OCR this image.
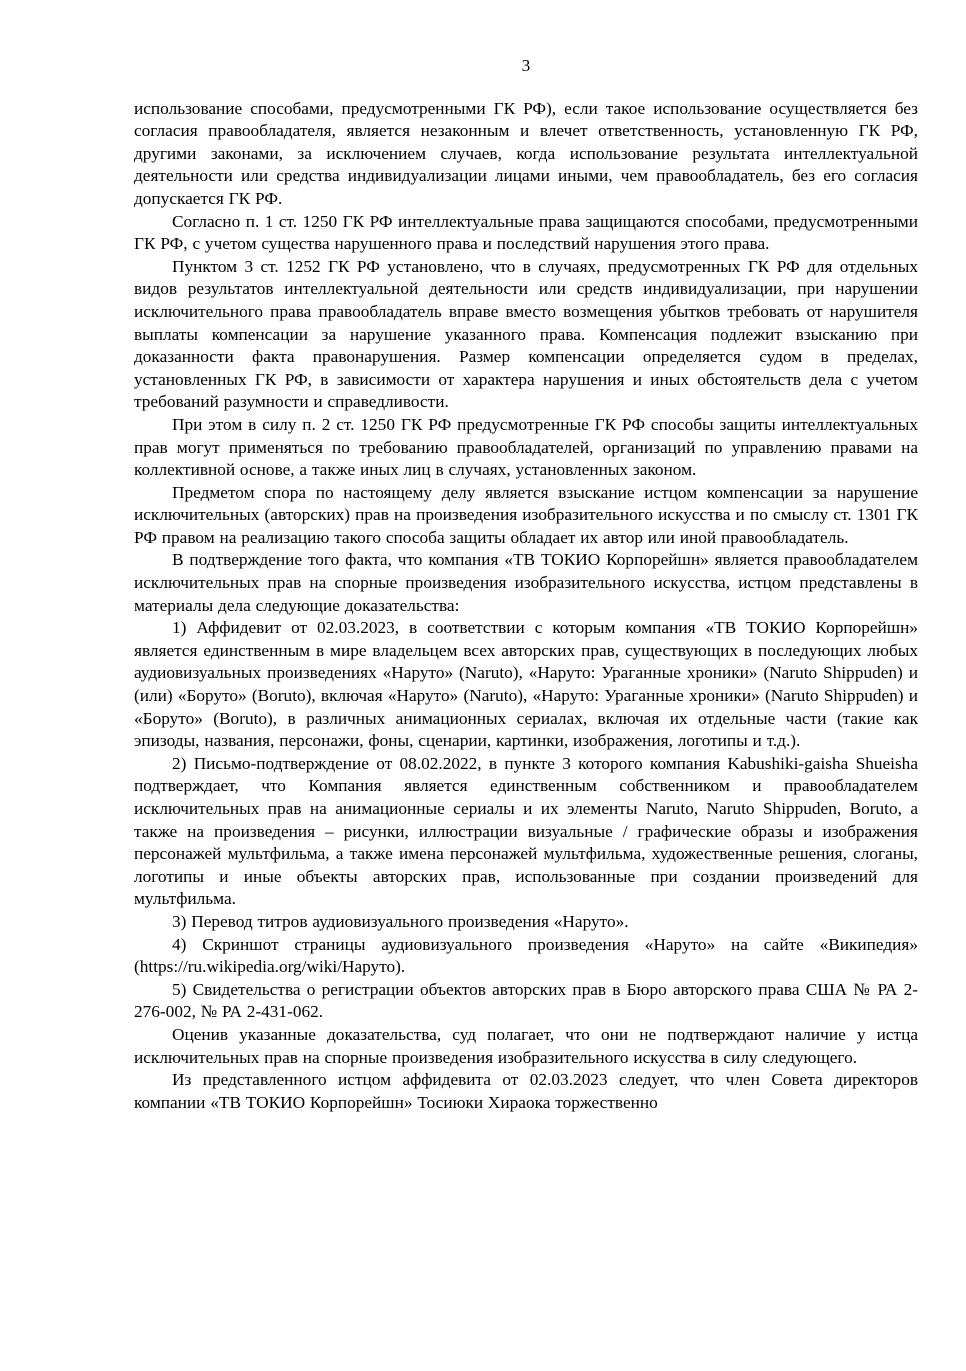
3

использование способами, предусмотренными ГК РФ), если такое использование осуществляется без согласия правообладателя, является незаконным и влечет ответственность, установленную ГК РФ, другими законами, за исключением случаев, когда использование результата интеллектуальной деятельности или средства индивидуализации лицами иными, чем правообладатель, без его согласия допускается ГК РФ.

Согласно п. 1 ст. 1250 ГК РФ интеллектуальные права защищаются способами, предусмотренными ГК РФ, с учетом существа нарушенного права и последствий нарушения этого права.

Пунктом 3 ст. 1252 ГК РФ установлено, что в случаях, предусмотренных ГК РФ для отдельных видов результатов интеллектуальной деятельности или средств индивидуализации, при нарушении исключительного права правообладатель вправе вместо возмещения убытков требовать от нарушителя выплаты компенсации за нарушение указанного права. Компенсация подлежит взысканию при доказанности факта правонарушения. Размер компенсации определяется судом в пределах, установленных ГК РФ, в зависимости от характера нарушения и иных обстоятельств дела с учетом требований разумности и справедливости.

При этом в силу п. 2 ст. 1250 ГК РФ предусмотренные ГК РФ способы защиты интеллектуальных прав могут применяться по требованию правообладателей, организаций по управлению правами на коллективной основе, а также иных лиц в случаях, установленных законом.

Предметом спора по настоящему делу является взыскание истцом компенсации за нарушение исключительных (авторских) прав на произведения изобразительного искусства и по смыслу ст. 1301 ГК РФ правом на реализацию такого способа защиты обладает их автор или иной правообладатель.

В подтверждение того факта, что компания «ТВ ТОКИО Корпорейшн» является правообладателем исключительных прав на спорные произведения изобразительного искусства, истцом представлены в материалы дела следующие доказательства:

1) Аффидевит от 02.03.2023, в соответствии с которым компания «ТВ ТОКИО Корпорейшн» является единственным в мире владельцем всех авторских прав, существующих в последующих любых аудиовизуальных произведениях «Наруто» (Naruto), «Наруто: Ураганные хроники» (Naruto Shippuden) и (или) «Боруто» (Boruto), включая «Наруто» (Naruto), «Наруто: Ураганные хроники» (Naruto Shippuden) и «Боруто» (Boruto), в различных анимационных сериалах, включая их отдельные части (такие как эпизоды, названия, персонажи, фоны, сценарии, картинки, изображения, логотипы и т.д.).

2) Письмо-подтверждение от 08.02.2022, в пункте 3 которого компания Kabushiki-gaisha Shueisha подтверждает, что Компания является единственным собственником и правообладателем исключительных прав на анимационные сериалы и их элементы Naruto, Naruto Shippuden, Boruto, а также на произведения – рисунки, иллюстрации визуальные / графические образы и изображения персонажей мультфильма, а также имена персонажей мультфильма, художественные решения, слоганы, логотипы и иные объекты авторских прав, использованные при создании произведений для мультфильма.

3) Перевод титров аудиовизуального произведения «Наруто».

4) Скриншот страницы аудиовизуального произведения «Наруто» на сайте «Википедия» (https://ru.wikipedia.org/wiki/Наруто).

5) Свидетельства о регистрации объектов авторских прав в Бюро авторского права США № РА 2-276-002, № РА 2-431-062.

Оценив указанные доказательства, суд полагает, что они не подтверждают наличие у истца исключительных прав на спорные произведения изобразительного искусства в силу следующего.

Из представленного истцом аффидевита от 02.03.2023 следует, что член Совета директоров компании «ТВ ТОКИО Корпорейшн» Тосиюки Хираока торжественно
